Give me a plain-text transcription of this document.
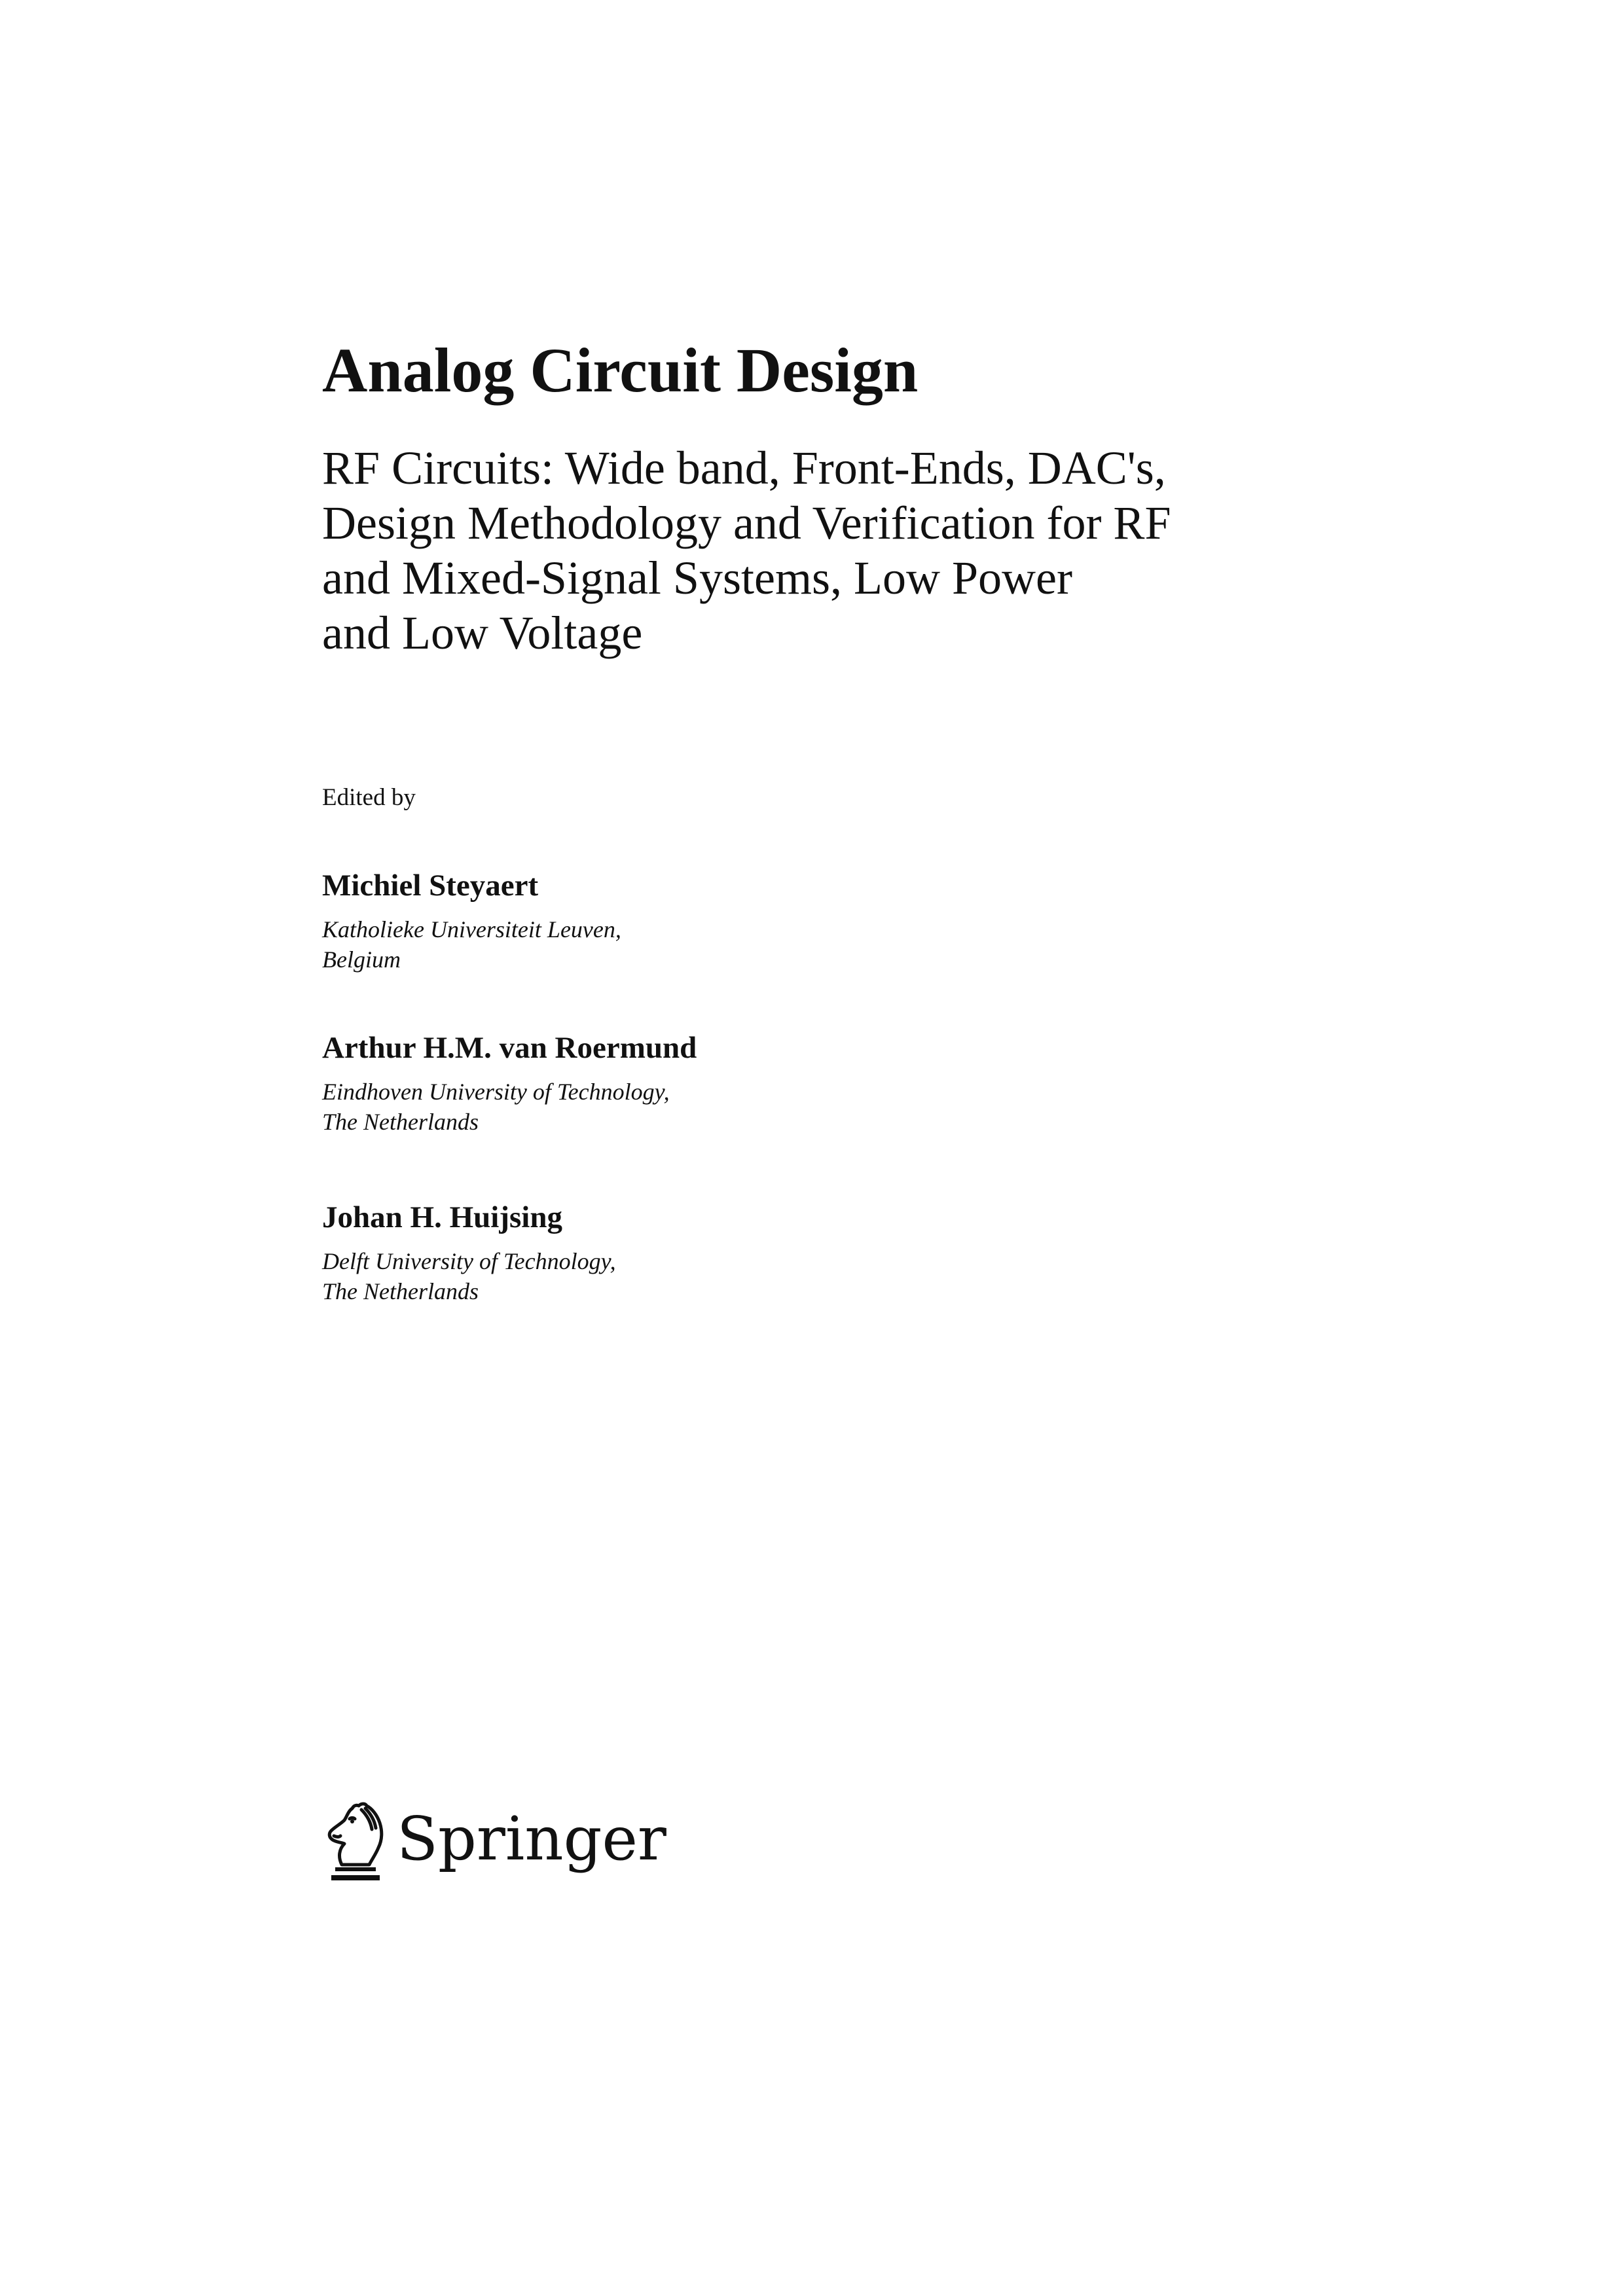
Analog Circuit Design
RF Circuits: Wide band, Front-Ends, DAC's,
Design Methodology and Verification for RF
and Mixed-Signal Systems, Low Power
and Low Voltage
Edited by
Michiel Steyaert
Katholieke Universiteit Leuven,
Belgium
Arthur H.M. van Roermund
Eindhoven University of Technology,
The Netherlands
Johan H. Huijsing
Delft University of Technology,
The Netherlands
Springer
